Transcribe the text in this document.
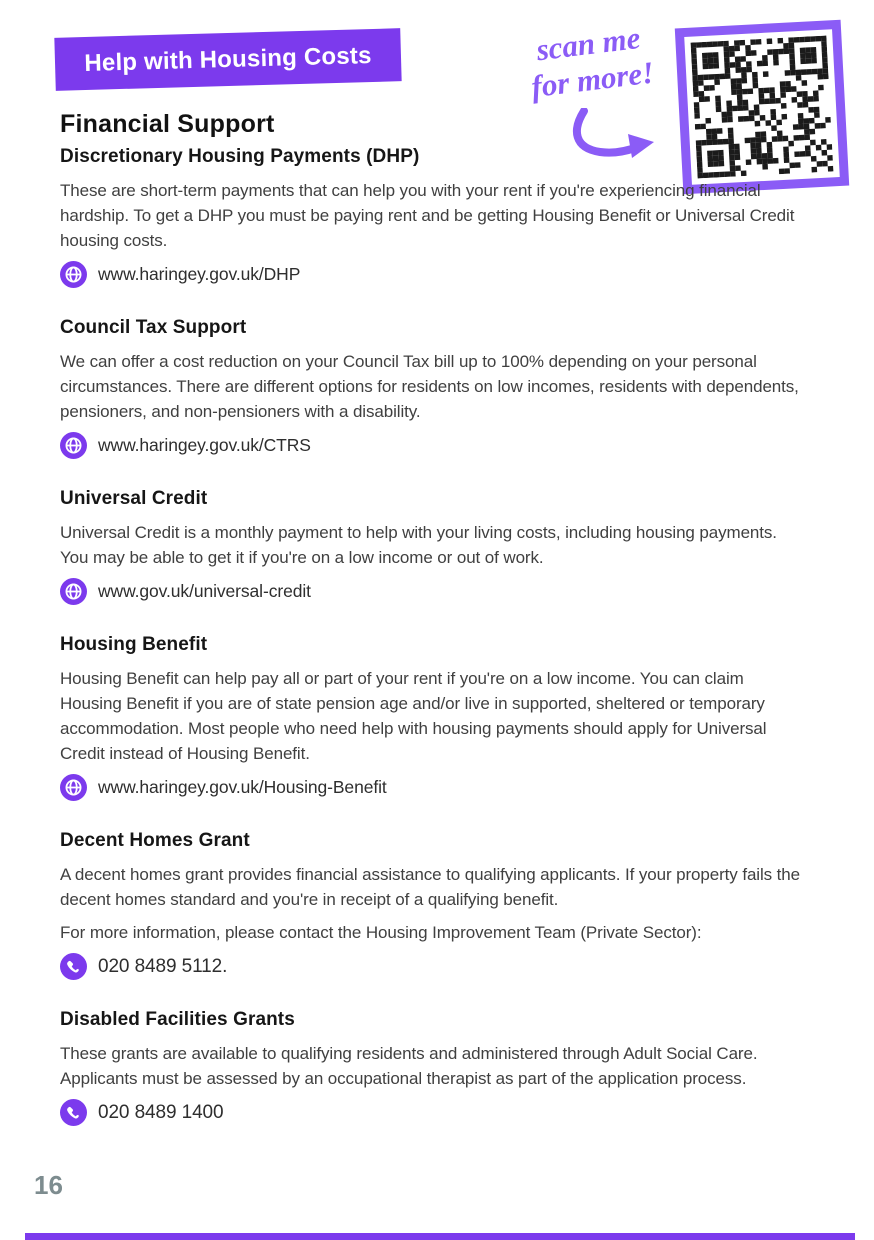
Help with Housing Costs	scan me
for more!
Financial Support
Discretionary Housing Payments (DHP)

These are short-term payments that can help you with your rent if you're experiencing financial hardship. To get a DHP you must be paying rent and be getting Housing Benefit or Universal Credit housing costs.

www.haringey.gov.uk/DHP
Council Tax Support

We can offer a cost reduction on your Council Tax bill up to 100% depending on your personal circumstances. There are different options for residents on low incomes, residents with dependents, pensioners, and non-pensioners with a disability.

www.haringey.gov.uk/CTRS
Universal Credit

Universal Credit is a monthly payment to help with your living costs, including housing payments. You may be able to get it if you're on a low income or out of work.

www.gov.uk/universal-credit
Housing Benefit

Housing Benefit can help pay all or part of your rent if you're on a low income. You can claim Housing Benefit if you are of state pension age and/or live in supported, sheltered or temporary accommodation. Most people who need help with housing payments should apply for Universal Credit instead of Housing Benefit.

www.haringey.gov.uk/Housing-Benefit
Decent Homes Grant

A decent homes grant provides financial assistance to qualifying applicants. If your property fails the decent homes standard and you're in receipt of a qualifying benefit.

For more information, please contact the Housing Improvement Team (Private Sector):

020 8489 5112.
Disabled Facilities Grants

These grants are available to qualifying residents and administered through Adult Social Care. Applicants must be assessed by an occupational therapist as part of the application process.

020 8489 1400
16
